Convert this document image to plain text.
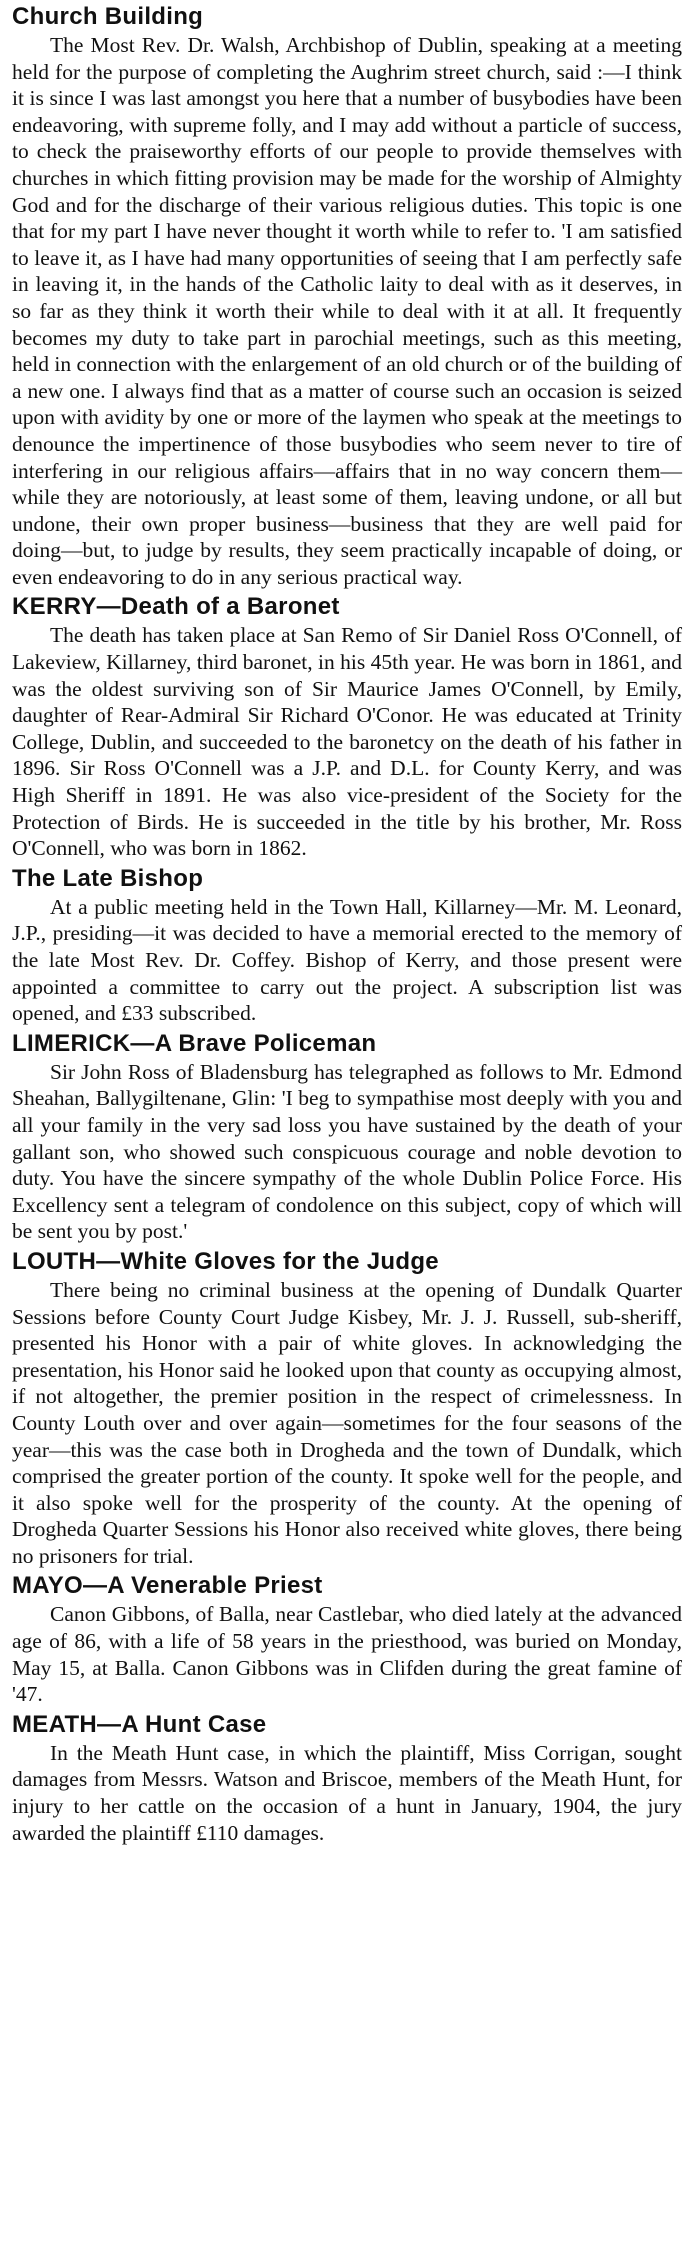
Church Building

The Most Rev. Dr. Walsh, Archbishop of Dublin, speaking at a meeting held for the purpose of completing the Aughrim street church, said :—I think it is since I was last amongst you here that a number of busybodies have been endeavoring, with supreme folly, and I may add without a particle of success, to check the praiseworthy efforts of our people to provide themselves with churches in which fitting provision may be made for the worship of Almighty God and for the discharge of their various religious duties. This topic is one that for my part I have never thought it worth while to refer to. 'I am satisfied to leave it, as I have had many opportunities of seeing that I am perfectly safe in leaving it, in the hands of the Catholic laity to deal with as it deserves, in so far as they think it worth their while to deal with it at all. It frequently becomes my duty to take part in parochial meetings, such as this meeting, held in connection with the enlargement of an old church or of the building of a new one. I always find that as a matter of course such an occasion is seized upon with avidity by one or more of the laymen who speak at the meetings to denounce the impertinence of those busybodies who seem never to tire of interfering in our religious affairs—affairs that in no way concern them—while they are notoriously, at least some of them, leaving undone, or all but undone, their own proper business—business that they are well paid for doing—but, to judge by results, they seem practically incapable of doing, or even endeavoring to do in any serious practical way.

KERRY—Death of a Baronet

The death has taken place at San Remo of Sir Daniel Ross O'Connell, of Lakeview, Killarney, third baronet, in his 45th year. He was born in 1861, and was the oldest surviving son of Sir Maurice James O'Connell, by Emily, daughter of Rear-Admiral Sir Richard O'Conor. He was educated at Trinity College, Dublin, and succeeded to the baronetcy on the death of his father in 1896. Sir Ross O'Connell was a J.P. and D.L. for County Kerry, and was High Sheriff in 1891. He was also vice-president of the Society for the Protection of Birds. He is succeeded in the title by his brother, Mr. Ross O'Connell, who was born in 1862.

The Late Bishop

At a public meeting held in the Town Hall, Killarney—Mr. M. Leonard, J.P., presiding—it was decided to have a memorial erected to the memory of the late Most Rev. Dr. Coffey. Bishop of Kerry, and those present were appointed a committee to carry out the project. A subscription list was opened, and £33 subscribed.

LIMERICK—A Brave Policeman

Sir John Ross of Bladensburg has telegraphed as follows to Mr. Edmond Sheahan, Ballygiltenane, Glin: 'I beg to sympathise most deeply with you and all your family in the very sad loss you have sustained by the death of your gallant son, who showed such conspicuous courage and noble devotion to duty. You have the sincere sympathy of the whole Dublin Police Force. His Excellency sent a telegram of condolence on this subject, copy of which will be sent you by post.'

LOUTH—White Gloves for the Judge

There being no criminal business at the opening of Dundalk Quarter Sessions before County Court Judge Kisbey, Mr. J. J. Russell, sub-sheriff, presented his Honor with a pair of white gloves. In acknowledging the presentation, his Honor said he looked upon that county as occupying almost, if not altogether, the premier position in the respect of crimelessness. In County Louth over and over again—sometimes for the four seasons of the year—this was the case both in Drogheda and the town of Dundalk, which comprised the greater portion of the county. It spoke well for the people, and it also spoke well for the prosperity of the county. At the opening of Drogheda Quarter Sessions his Honor also received white gloves, there being no prisoners for trial.

MAYO—A Venerable Priest

Canon Gibbons, of Balla, near Castlebar, who died lately at the advanced age of 86, with a life of 58 years in the priesthood, was buried on Monday, May 15, at Balla. Canon Gibbons was in Clifden during the great famine of '47.

MEATH—A Hunt Case

In the Meath Hunt case, in which the plaintiff, Miss Corrigan, sought damages from Messrs. Watson and Briscoe, members of the Meath Hunt, for injury to her cattle on the occasion of a hunt in January, 1904, the jury awarded the plaintiff £110 damages.
